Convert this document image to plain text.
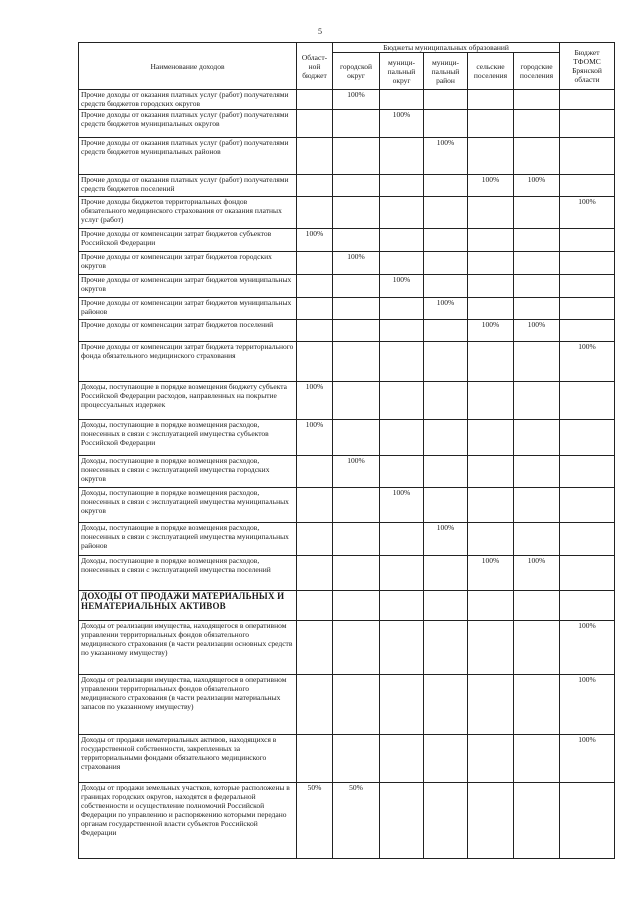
5
Наименование доходов	Област-ной бюджет	Бюджеты муниципальных образований					Бюджет ТФОМС Брянской области
		городской округ	муници-пальный округ	муници-пальный район	сельские поселения	городские поселения	
Прочие доходы от оказания платных услуг (работ) получателями средств бюджетов городских округов		100%					
Прочие доходы от оказания платных услуг (работ) получателями средств бюджетов муниципальных округов			100%				
Прочие доходы от оказания платных услуг (работ) получателями средств бюджетов муниципальных районов				100%			
Прочие доходы от оказания платных услуг (работ) получателями средств бюджетов поселений					100%	100%	
Прочие доходы бюджетов территориальных фондов обязательного медицинского страхования от оказания платных услуг (работ)							100%
Прочие доходы от компенсации затрат бюджетов субъектов Российской Федерации	100%						
Прочие доходы от компенсации затрат бюджетов городских округов		100%					
Прочие доходы от компенсации затрат бюджетов муниципальных округов			100%				
Прочие доходы от компенсации затрат бюджетов муниципальных районов				100%			
Прочие доходы от компенсации затрат бюджетов поселений					100%	100%	
Прочие доходы от компенсации затрат бюджета территориального фонда обязательного медицинского страхования							100%
Доходы, поступающие в порядке возмещения бюджету субъекта Российской Федерации расходов, направленных на покрытие процессуальных издержек	100%						
Доходы, поступающие в порядке возмещения расходов, понесенных в связи с эксплуатацией имущества субъектов Российской Федерации	100%						
Доходы, поступающие в порядке возмещения расходов, понесенных в связи с эксплуатацией имущества городских округов		100%					
Доходы, поступающие в порядке возмещения расходов, понесенных в связи с эксплуатацией имущества муниципальных округов			100%				
Доходы, поступающие в порядке возмещения расходов, понесенных в связи с эксплуатацией имущества муниципальных районов				100%			
Доходы, поступающие в порядке возмещения расходов, понесенных в связи с эксплуатацией имущества поселений					100%	100%	
ДОХОДЫ ОТ ПРОДАЖИ МАТЕРИАЛЬНЫХ И НЕМАТЕРИАЛЬНЫХ АКТИВОВ							
Доходы от реализации имущества, находящегося в оперативном управлении территориальных фондов обязательного медицинского страхования (в части реализации основных средств по указанному имуществу)							100%
Доходы от реализации имущества, находящегося в оперативном управлении территориальных фондов обязательного медицинского страхования (в части реализации материальных запасов по указанному имуществу)							100%
Доходы от продажи нематериальных активов, находящихся в государственной собственности, закрепленных за территориальными фондами обязательного медицинского страхования							100%
Доходы от продажи земельных участков, которые расположены в границах городских округов, находятся в федеральной собственности и осуществление полномочий Российской Федерации по управлению и распоряжению которыми передано органам государственной власти субъектов Российской Федерации	50%	50%					
